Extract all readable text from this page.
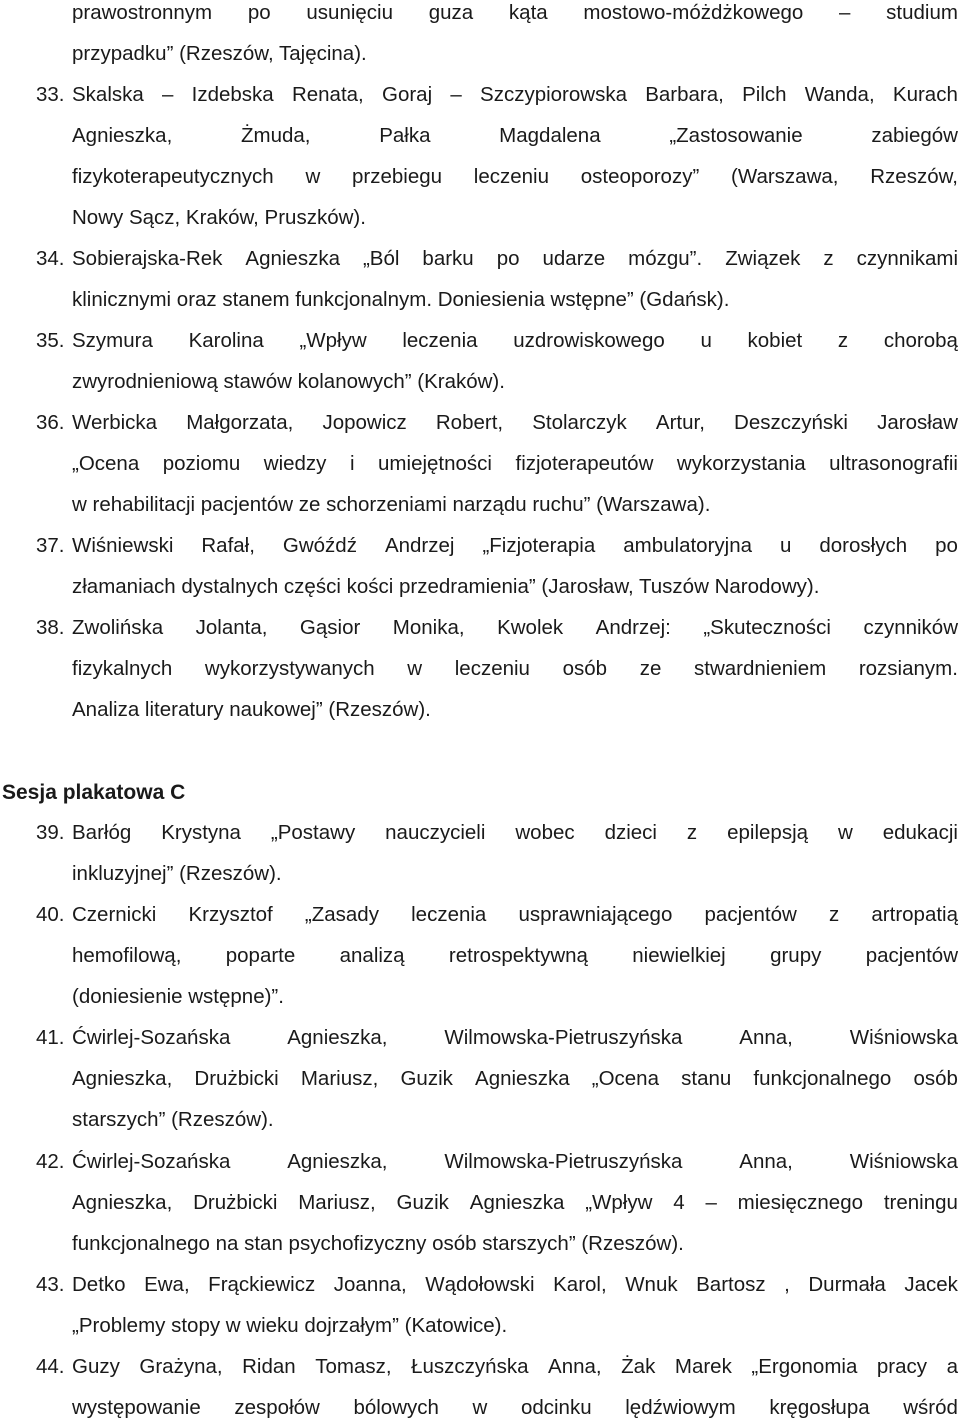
Sesja plakatowa C
prawostronnym po usunięciu guza kąta mostowo-móżdżkowego – studium
przypadku” (Rzeszów, Tajęcina).
33. Skalska – Izdebska Renata, Goraj – Szczypiorowska Barbara, Pilch Wanda, Kurach
Agnieszka,	Żmuda,	Pałka	Magdalena	„Zastosowanie	zabiegów
fizykoterapeutycznych w przebiegu leczeniu osteoporozy” (Warszawa, Rzeszów,
Nowy Sącz, Kraków, Pruszków).
34. Sobierajska-Rek Agnieszka „Ból barku po udarze mózgu”. Związek z czynnikami
klinicznymi oraz stanem funkcjonalnym. Doniesienia wstępne” (Gdańsk).
35. Szymura Karolina „Wpływ leczenia uzdrowiskowego u kobiet z chorobą
zwyrodnieniową stawów kolanowych” (Kraków).
36. Werbicka Małgorzata, Jopowicz Robert, Stolarczyk Artur, Deszczyński Jarosław
„Ocena poziomu wiedzy i umiejętności fizjoterapeutów wykorzystania ultrasonografii
w rehabilitacji pacjentów ze schorzeniami narządu ruchu” (Warszawa).
37. Wiśniewski Rafał, Gwóźdź Andrzej „Fizjoterapia ambulatoryjna u dorosłych po
złamaniach dystalnych części kości przedramienia” (Jarosław, Tuszów Narodowy).
38. Zwolińska Jolanta, Gąsior Monika, Kwolek Andrzej: „Skuteczności czynników
fizykalnych wykorzystywanych w leczeniu osób ze stwardnieniem rozsianym.
Analiza literatury naukowej” (Rzeszów).
39. Barłóg Krystyna „Postawy nauczycieli wobec dzieci z epilepsją w edukacji
inkluzyjnej” (Rzeszów).
40. Czernicki Krzysztof „Zasady leczenia usprawniającego pacjentów z artropatią
hemofilową, poparte analizą retrospektywną niewielkiej grupy pacjentów
(doniesienie wstępne)”.
41. Ćwirlej-Sozańska	Agnieszka,	Wilmowska-Pietruszyńska	Anna,	Wiśniowska
Agnieszka, Drużbicki Mariusz, Guzik Agnieszka „Ocena stanu funkcjonalnego osób
starszych” (Rzeszów).
42. Ćwirlej-Sozańska	Agnieszka,	Wilmowska-Pietruszyńska	Anna,	Wiśniowska
Agnieszka, Drużbicki Mariusz, Guzik Agnieszka „Wpływ 4 – miesięcznego treningu
funkcjonalnego na stan psychofizyczny osób starszych” (Rzeszów).
43. Detko Ewa, Frąckiewicz Joanna, Wądołowski Karol, Wnuk Bartosz , Durmała Jacek
„Problemy stopy w wieku dojrzałym” (Katowice).
44. Guzy Grażyna, Ridan Tomasz, Łuszczyńska Anna, Żak Marek „Ergonomia pracy a
występowanie zespołów bólowych w odcinku lędźwiowym kręgosłupa wśród
